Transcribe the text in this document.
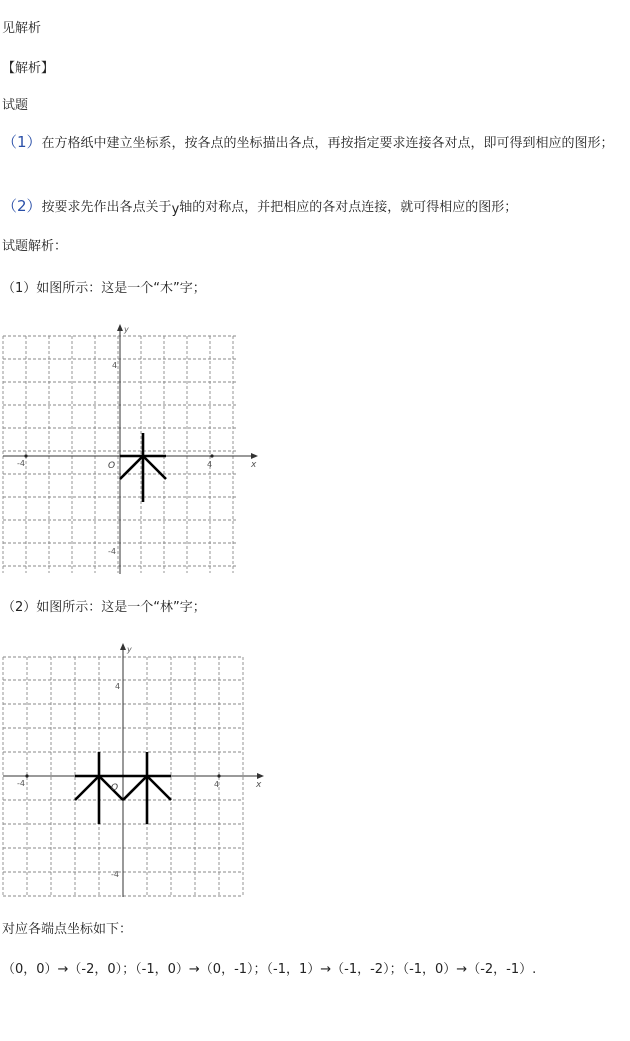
见解析
【解析】
试题
（1）在方格纸中建立坐标系，按各点的坐标描出各点，再按指定要求连接各对点，即可得到相应的图形；
（2）按要求先作出各点关于y轴的对称点，并把相应的各对点连接，就可得相应的图形；
试题解析：
（1）如图所示：这是一个“木”字；
y
x
O
4
-4
4
-4
（2）如图所示：这是一个“林”字；
y
x
O
4
-4
4
-4
对应各端点坐标如下：
（0，0）→（-2，0）；（-1，0）→（0，-1）；（-1，1）→（-1，-2）；（-1，0）→（-2，-1）.
